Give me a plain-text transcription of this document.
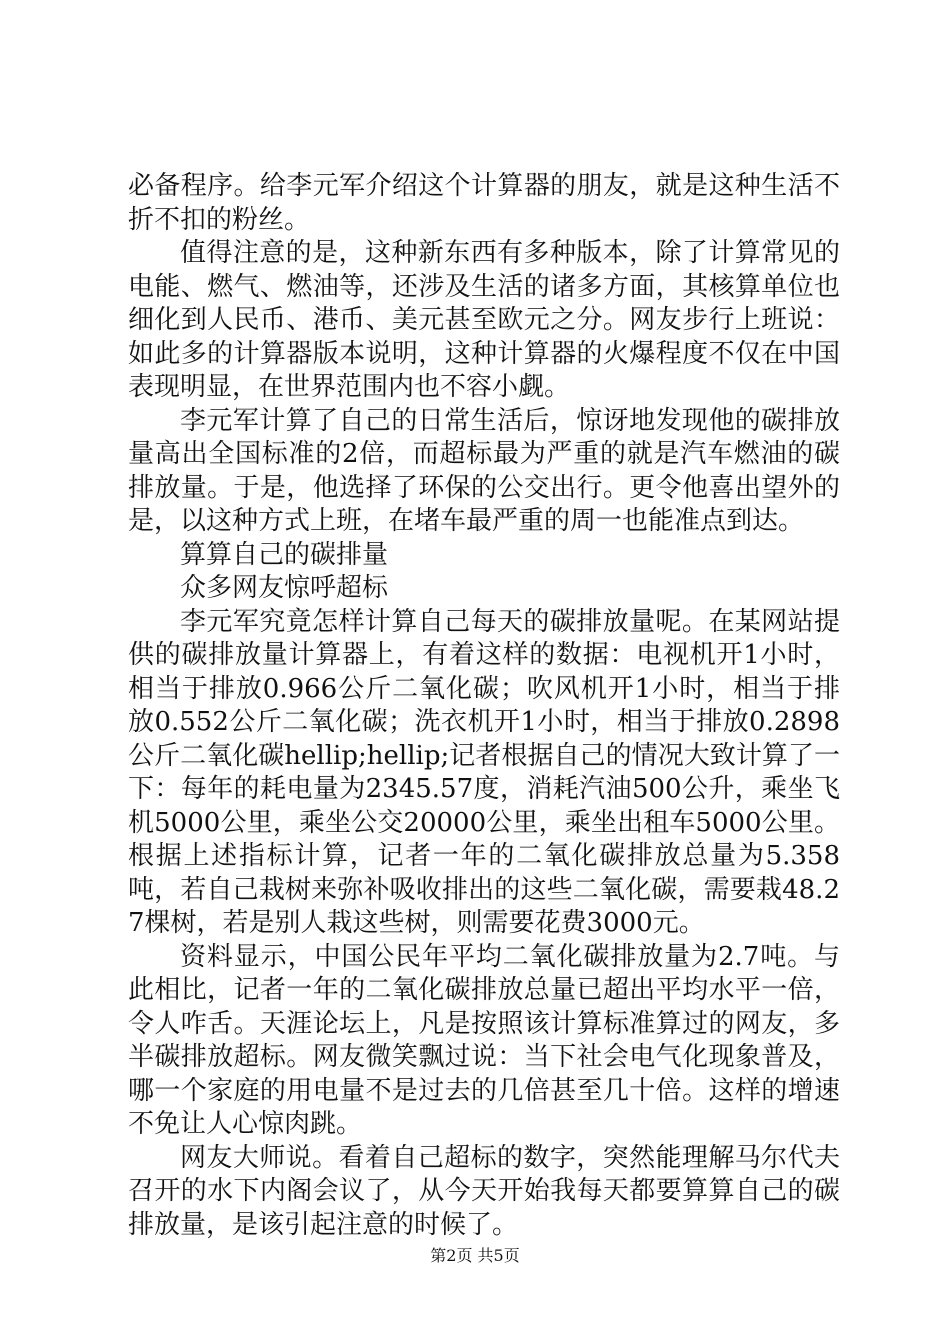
必备程序。给李元军介绍这个计算器的朋友，就是这种生活不折不扣的粉丝。

值得注意的是，这种新东西有多种版本，除了计算常见的电能、燃气、燃油等，还涉及生活的诸多方面，其核算单位也细化到人民币、港币、美元甚至欧元之分。网友步行上班说：如此多的计算器版本说明，这种计算器的火爆程度不仅在中国表现明显，在世界范围内也不容小觑。

李元军计算了自己的日常生活后，惊讶地发现他的碳排放量高出全国标准的2倍，而超标最为严重的就是汽车燃油的碳排放量。于是，他选择了环保的公交出行。更令他喜出望外的是，以这种方式上班，在堵车最严重的周一也能准点到达。

算算自己的碳排量

众多网友惊呼超标

李元军究竟怎样计算自己每天的碳排放量呢。在某网站提供的碳排放量计算器上，有着这样的数据：电视机开1小时，相当于排放0.966公斤二氧化碳；吹风机开1小时，相当于排放0.552公斤二氧化碳；洗衣机开1小时，相当于排放0.2898公斤二氧化碳hellip;hellip;记者根据自己的情况大致计算了一下：每年的耗电量为2345.57度，消耗汽油500公升，乘坐飞机5000公里，乘坐公交20000公里，乘坐出租车5000公里。根据上述指标计算，记者一年的二氧化碳排放总量为5.358吨，若自己栽树来弥补吸收排出的这些二氧化碳，需要栽48.27棵树，若是别人栽这些树，则需要花费3000元。

资料显示，中国公民年平均二氧化碳排放量为2.7吨。与此相比，记者一年的二氧化碳排放总量已超出平均水平一倍，令人咋舌。天涯论坛上，凡是按照该计算标准算过的网友，多半碳排放超标。网友微笑飘过说：当下社会电气化现象普及，哪一个家庭的用电量不是过去的几倍甚至几十倍。这样的增速不免让人心惊肉跳。

网友大师说。看着自己超标的数字，突然能理解马尔代夫召开的水下内阁会议了，从今天开始我每天都要算算自己的碳排放量，是该引起注意的时候了。

第2页 共5页
